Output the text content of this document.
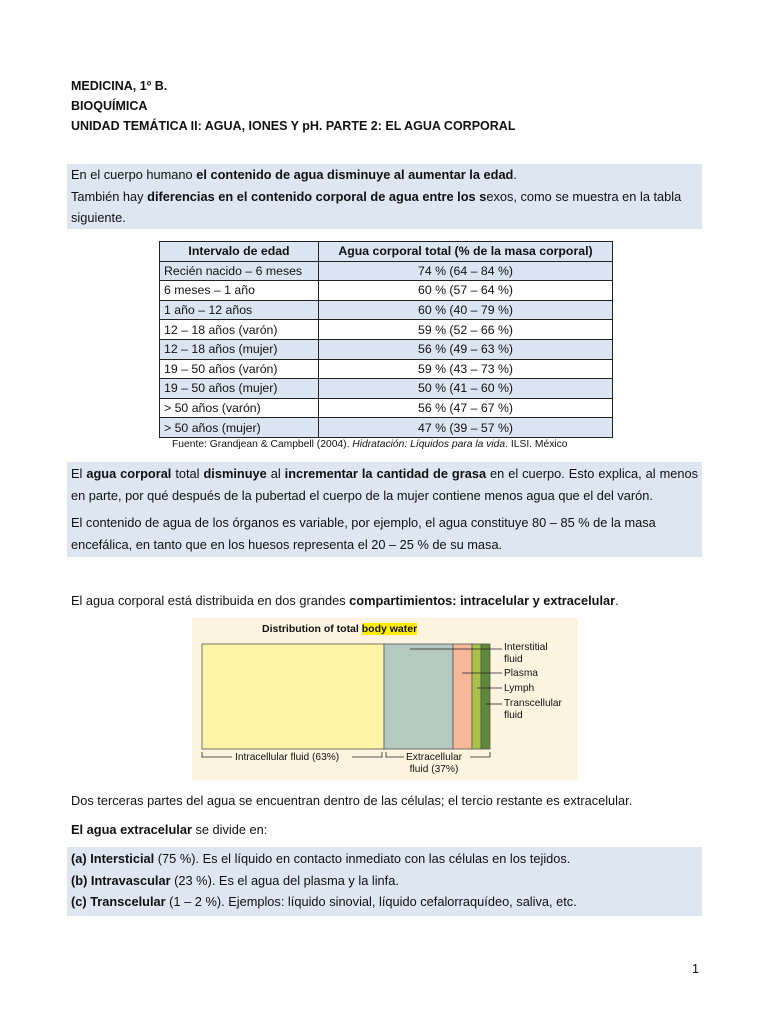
MEDICINA, 1º B.
BIOQUÍMICA
UNIDAD TEMÁTICA II: AGUA, IONES Y pH. PARTE 2: EL AGUA CORPORAL
En el cuerpo humano el contenido de agua disminuye al aumentar la edad.
También hay diferencias en el contenido corporal de agua entre los sexos, como se muestra en la tabla siguiente.
Intervalo de edad	Agua corporal total (% de la masa corporal)
Recién nacido – 6 meses	74 % (64 – 84 %)
6 meses – 1 año	60 % (57 – 64 %)
1 año – 12 años	60 % (40 – 79 %)
12 – 18 años (varón)	59 % (52 – 66 %)
12 – 18 años (mujer)	56 % (49 – 63 %)
19 – 50 años (varón)	59 % (43 – 73 %)
19 – 50 años (mujer)	50 % (41 – 60 %)
> 50 años (varón)	56 % (47 – 67 %)
> 50 años (mujer)	47 % (39 – 57 %)
Fuente: Grandjean & Campbell (2004). Hidratación: Líquidos para la vida. ILSI. México
El agua corporal total disminuye al incrementar la cantidad de grasa en el cuerpo. Esto explica, al menos en parte, por qué después de la pubertad el cuerpo de la mujer contiene menos agua que el del varón.
El contenido de agua de los órganos es variable, por ejemplo, el agua constituye 80 – 85 % de la masa encefálica, en tanto que en los huesos representa el 20 – 25 % de su masa.
El agua corporal está distribuida en dos grandes compartimientos: intracelular y extracelular.
Distribution of total body water
Interstitial
fluid
Plasma
Lymph
Transcellular
fluid
Intracellular fluid (63%)	Extracellular
fluid (37%)
Dos terceras partes del agua se encuentran dentro de las células; el tercio restante es extracelular.
El agua extracelular se divide en:
(a) Intersticial (75 %). Es el líquido en contacto inmediato con las células en los tejidos.
(b) Intravascular (23 %). Es el agua del plasma y la linfa.
(c) Transcelular (1 – 2 %). Ejemplos: líquido sinovial, líquido cefalorraquídeo, saliva, etc.
1
